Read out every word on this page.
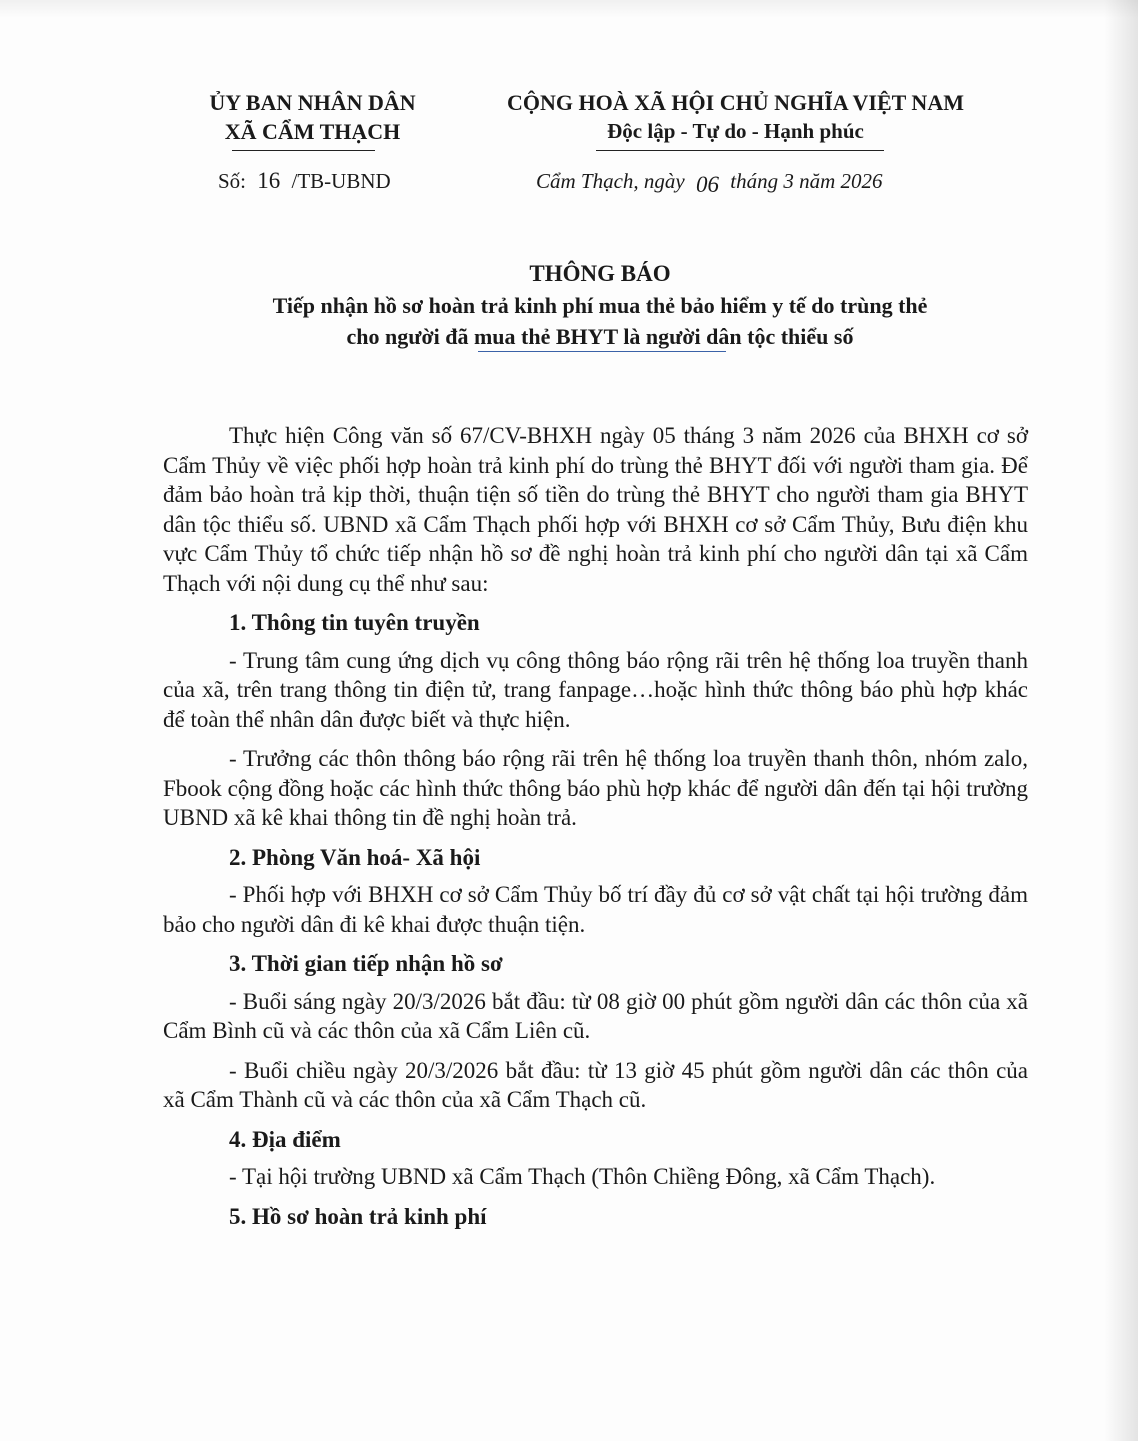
ỦY BAN NHÂN DÂN
XÃ CẨM THẠCH
CỘNG HOÀ XÃ HỘI CHỦ NGHĨA VIỆT NAM
Độc lập - Tự do - Hạnh phúc
Số: 16 /TB-UBND	Cẩm Thạch, ngày 06 tháng 3 năm 2026
THÔNG BÁO
Tiếp nhận hồ sơ hoàn trả kinh phí mua thẻ bảo hiểm y tế do trùng thẻ
cho người đã mua thẻ BHYT là người dân tộc thiểu số

Thực hiện Công văn số 67/CV-BHXH ngày 05 tháng 3 năm 2026 của BHXH cơ sở Cẩm Thủy về việc phối hợp hoàn trả kinh phí do trùng thẻ BHYT đối với người tham gia. Để đảm bảo hoàn trả kịp thời, thuận tiện số tiền do trùng thẻ BHYT cho người tham gia BHYT dân tộc thiểu số. UBND xã Cẩm Thạch phối hợp với BHXH cơ sở Cẩm Thủy, Bưu điện khu vực Cẩm Thủy tổ chức tiếp nhận hồ sơ đề nghị hoàn trả kinh phí cho người dân tại xã Cẩm Thạch với nội dung cụ thể như sau:

1. Thông tin tuyên truyền

- Trung tâm cung ứng dịch vụ công thông báo rộng rãi trên hệ thống loa truyền thanh của xã, trên trang thông tin điện tử, trang fanpage…hoặc hình thức thông báo phù hợp khác để toàn thể nhân dân được biết và thực hiện.

- Trưởng các thôn thông báo rộng rãi trên hệ thống loa truyền thanh thôn, nhóm zalo, Fbook cộng đồng hoặc các hình thức thông báo phù hợp khác để người dân đến tại hội trường UBND xã kê khai thông tin đề nghị hoàn trả.

2. Phòng Văn hoá- Xã hội

- Phối hợp với BHXH cơ sở Cẩm Thủy bố trí đầy đủ cơ sở vật chất tại hội trường đảm bảo cho người dân đi kê khai được thuận tiện.

3. Thời gian tiếp nhận hồ sơ

- Buổi sáng ngày 20/3/2026 bắt đầu: từ 08 giờ 00 phút gồm người dân các thôn của xã Cẩm Bình cũ và các thôn của xã Cẩm Liên cũ.

- Buổi chiều ngày 20/3/2026 bắt đầu: từ 13 giờ 45 phút gồm người dân các thôn của xã Cẩm Thành cũ và các thôn của xã Cẩm Thạch cũ.

4. Địa điểm

- Tại hội trường UBND xã Cẩm Thạch (Thôn Chiềng Đông, xã Cẩm Thạch).

5. Hồ sơ hoàn trả kinh phí
